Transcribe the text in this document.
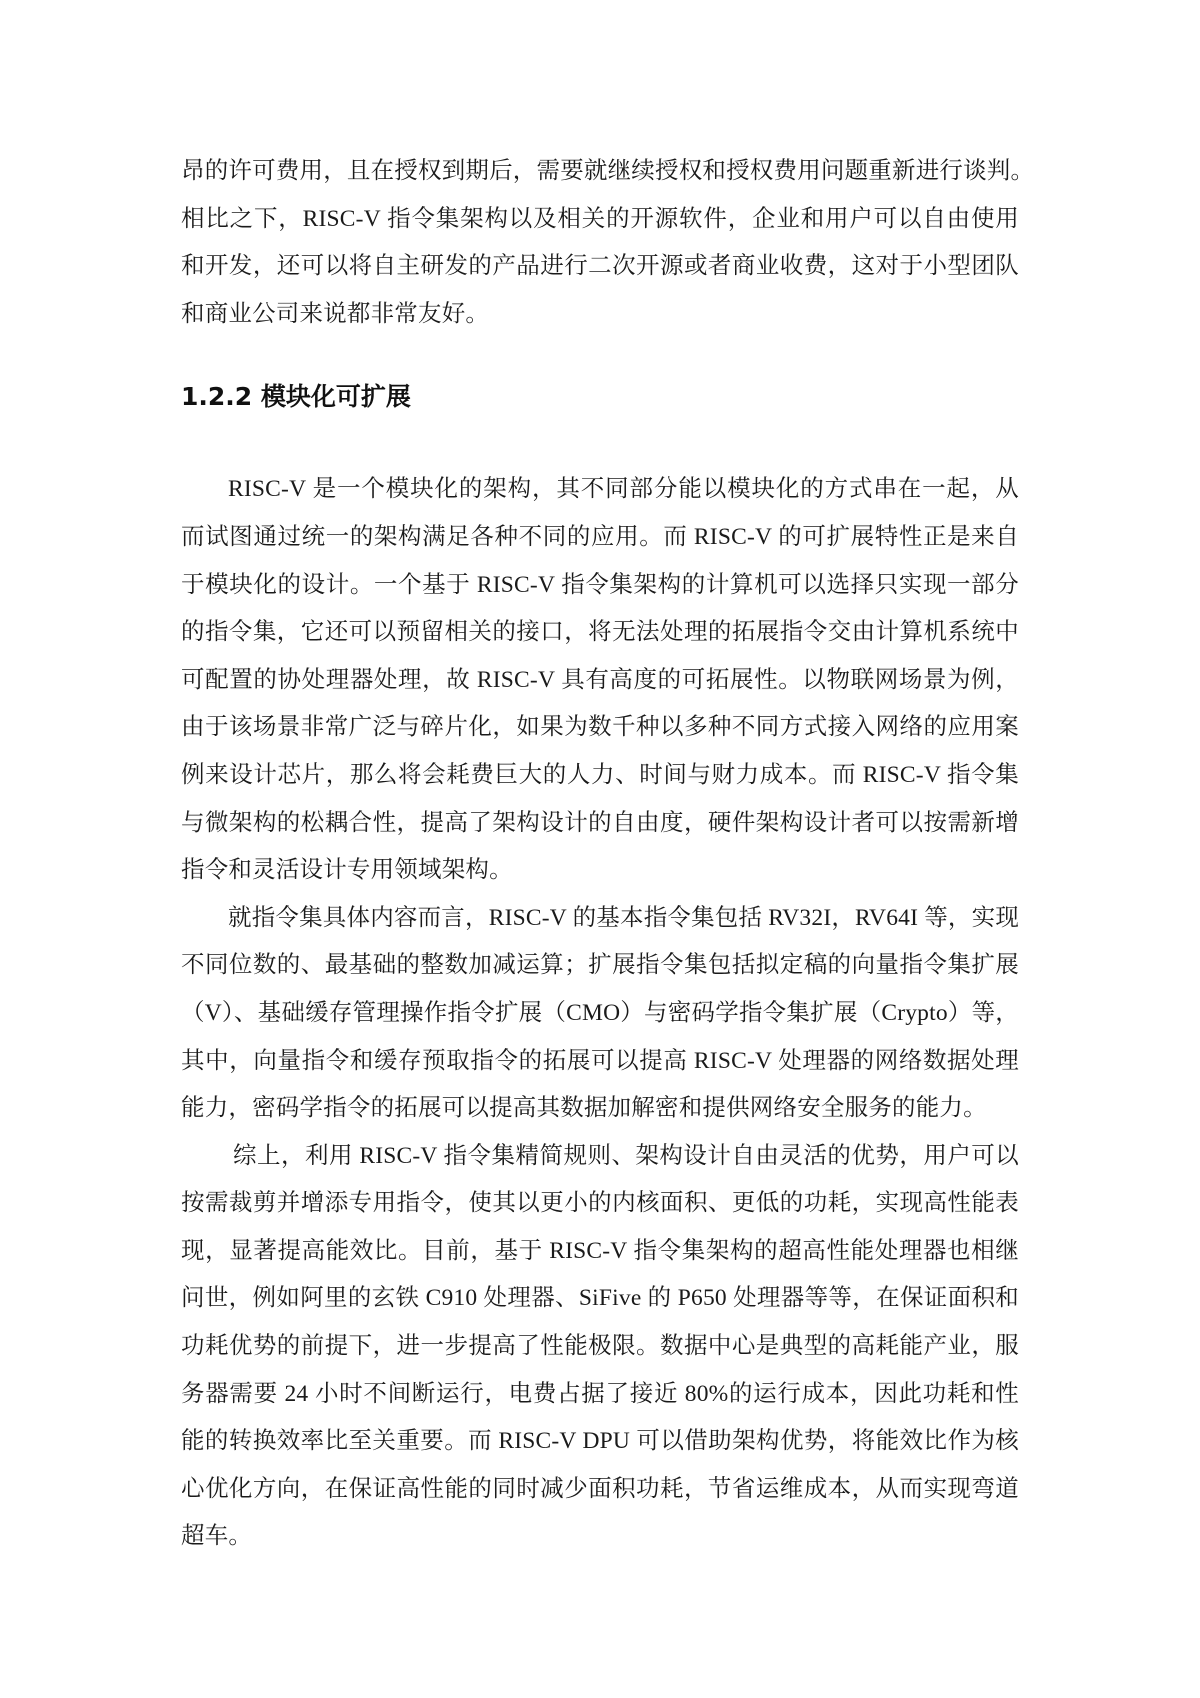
昂的许可费用，且在授权到期后，需要就继续授权和授权费用问题重新进行谈判。
相比之下，RISC-V 指令集架构以及相关的开源软件，企业和用户可以自由使用
和开发，还可以将自主研发的产品进行二次开源或者商业收费，这对于小型团队
和商业公司来说都非常友好。
1.2.2 模块化可扩展
RISC-V 是一个模块化的架构，其不同部分能以模块化的方式串在一起，从
而试图通过统一的架构满足各种不同的应用。而 RISC-V 的可扩展特性正是来自
于模块化的设计。一个基于 RISC-V 指令集架构的计算机可以选择只实现一部分
的指令集，它还可以预留相关的接口，将无法处理的拓展指令交由计算机系统中
可配置的协处理器处理，故 RISC-V 具有高度的可拓展性。以物联网场景为例，
由于该场景非常广泛与碎片化，如果为数千种以多种不同方式接入网络的应用案
例来设计芯片，那么将会耗费巨大的人力、时间与财力成本。而 RISC-V 指令集
与微架构的松耦合性，提高了架构设计的自由度，硬件架构设计者可以按需新增
指令和灵活设计专用领域架构。
就指令集具体内容而言，RISC-V 的基本指令集包括 RV32I，RV64I 等，实现
不同位数的、最基础的整数加减运算；扩展指令集包括拟定稿的向量指令集扩展
（V）、基础缓存管理操作指令扩展（CMO）与密码学指令集扩展（Crypto）等，
其中，向量指令和缓存预取指令的拓展可以提高 RISC-V 处理器的网络数据处理
能力，密码学指令的拓展可以提高其数据加解密和提供网络安全服务的能力。
综上，利用 RISC-V 指令集精简规则、架构设计自由灵活的优势，用户可以
按需裁剪并增添专用指令，使其以更小的内核面积、更低的功耗，实现高性能表
现，显著提高能效比。目前，基于 RISC-V 指令集架构的超高性能处理器也相继
问世，例如阿里的玄铁 C910 处理器、SiFive 的 P650 处理器等等，在保证面积和
功耗优势的前提下，进一步提高了性能极限。数据中心是典型的高耗能产业，服
务器需要 24 小时不间断运行，电费占据了接近 80%的运行成本，因此功耗和性
能的转换效率比至关重要。而 RISC-V DPU 可以借助架构优势，将能效比作为核
心优化方向，在保证高性能的同时减少面积功耗，节省运维成本，从而实现弯道
超车。
